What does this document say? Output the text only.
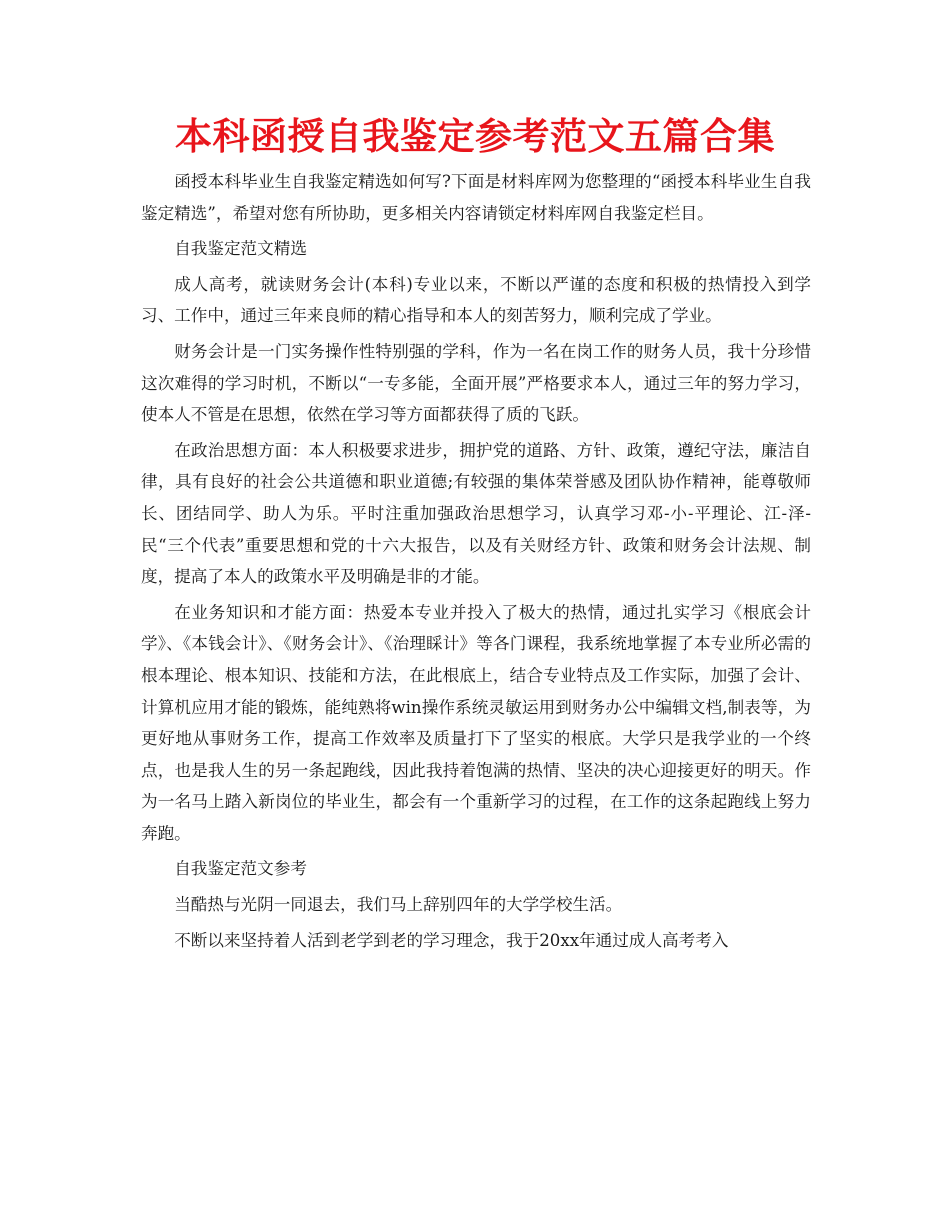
本科函授自我鉴定参考范文五篇合集

函授本科毕业生自我鉴定精选如何写?下面是材料库网为您整理的“函授本科毕业生自我鉴定精选”，希望对您有所协助，更多相关内容请锁定材料库网自我鉴定栏目。

自我鉴定范文精选

成人高考，就读财务会计(本科)专业以来，不断以严谨的态度和积极的热情投入到学习、工作中，通过三年来良师的精心指导和本人的刻苦努力，顺利完成了学业。

财务会计是一门实务操作性特别强的学科，作为一名在岗工作的财务人员，我十分珍惜这次难得的学习时机，不断以“一专多能，全面开展”严格要求本人，通过三年的努力学习，使本人不管是在思想，依然在学习等方面都获得了质的飞跃。

在政治思想方面：本人积极要求进步，拥护党的道路、方针、政策，遵纪守法，廉洁自律，具有良好的社会公共道德和职业道德;有较强的集体荣誉感及团队协作精神，能尊敬师长、团结同学、助人为乐。平时注重加强政治思想学习，认真学习邓-小-平理论、江-泽-民“三个代表”重要思想和党的十六大报告，以及有关财经方针、政策和财务会计法规、制度，提高了本人的政策水平及明确是非的才能。

在业务知识和才能方面：热爱本专业并投入了极大的热情，通过扎实学习《根底会计学》、《本钱会计》、《财务会计》、《治理睬计》等各门课程，我系统地掌握了本专业所必需的根本理论、根本知识、技能和方法，在此根底上，结合专业特点及工作实际，加强了会计、计算机应用才能的锻炼，能纯熟将win操作系统灵敏运用到财务办公中编辑文档,制表等，为更好地从事财务工作，提高工作效率及质量打下了坚实的根底。大学只是我学业的一个终点，也是我人生的另一条起跑线，因此我持着饱满的热情、坚决的决心迎接更好的明天。作为一名马上踏入新岗位的毕业生，都会有一个重新学习的过程，在工作的这条起跑线上努力奔跑。

自我鉴定范文参考

当酷热与光阴一同退去，我们马上辞别四年的大学学校生活。

不断以来坚持着人活到老学到老的学习理念，我于20xx年通过成人高考考入
